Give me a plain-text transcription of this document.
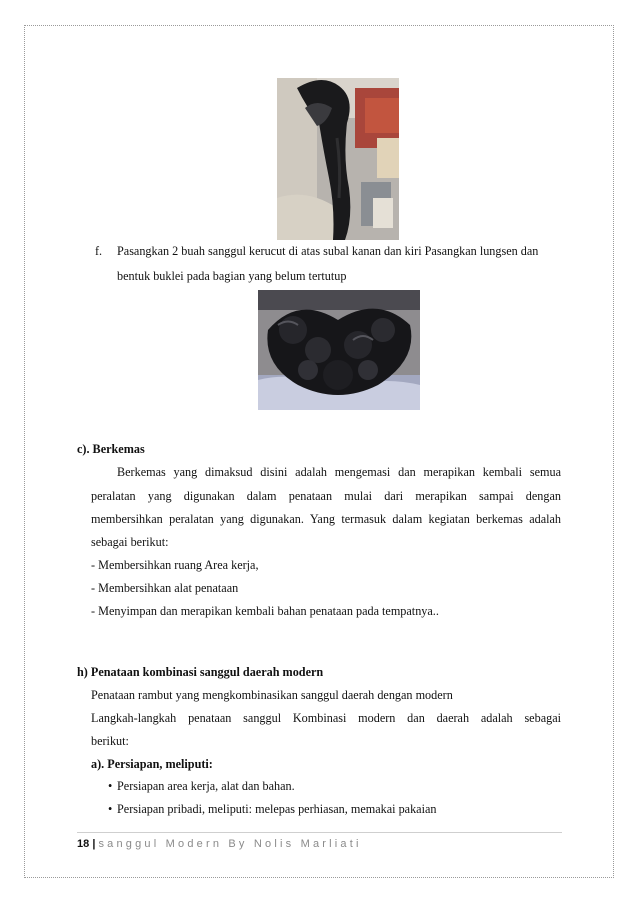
f. Pasangkan 2 buah sanggul kerucut di atas subal kanan dan kiri Pasangkan lungsen dan
bentuk buklei pada bagian yang belum tertutup
c). Berkemas
Berkemas yang dimaksud disini adalah mengemasi dan merapikan kembali semua
peralatan yang digunakan dalam penataan mulai dari merapikan sampai dengan
membersihkan peralatan yang digunakan. Yang termasuk dalam kegiatan berkemas adalah
sebagai berikut:
- Membersihkan ruang Area kerja,
- Membersihkan alat penataan
- Menyimpan dan merapikan kembali bahan penataan pada tempatnya..
h) Penataan kombinasi sanggul daerah modern
Penataan rambut yang mengkombinasikan sanggul daerah dengan modern
Langkah-langkah penataan sanggul Kombinasi modern dan daerah adalah sebagai
berikut:
a). Persiapan, meliputi:
• Persiapan area kerja, alat dan bahan.
• Persiapan pribadi, meliputi: melepas perhiasan, memakai pakaian
18 | sanggul Modern By Nolis Marliati
